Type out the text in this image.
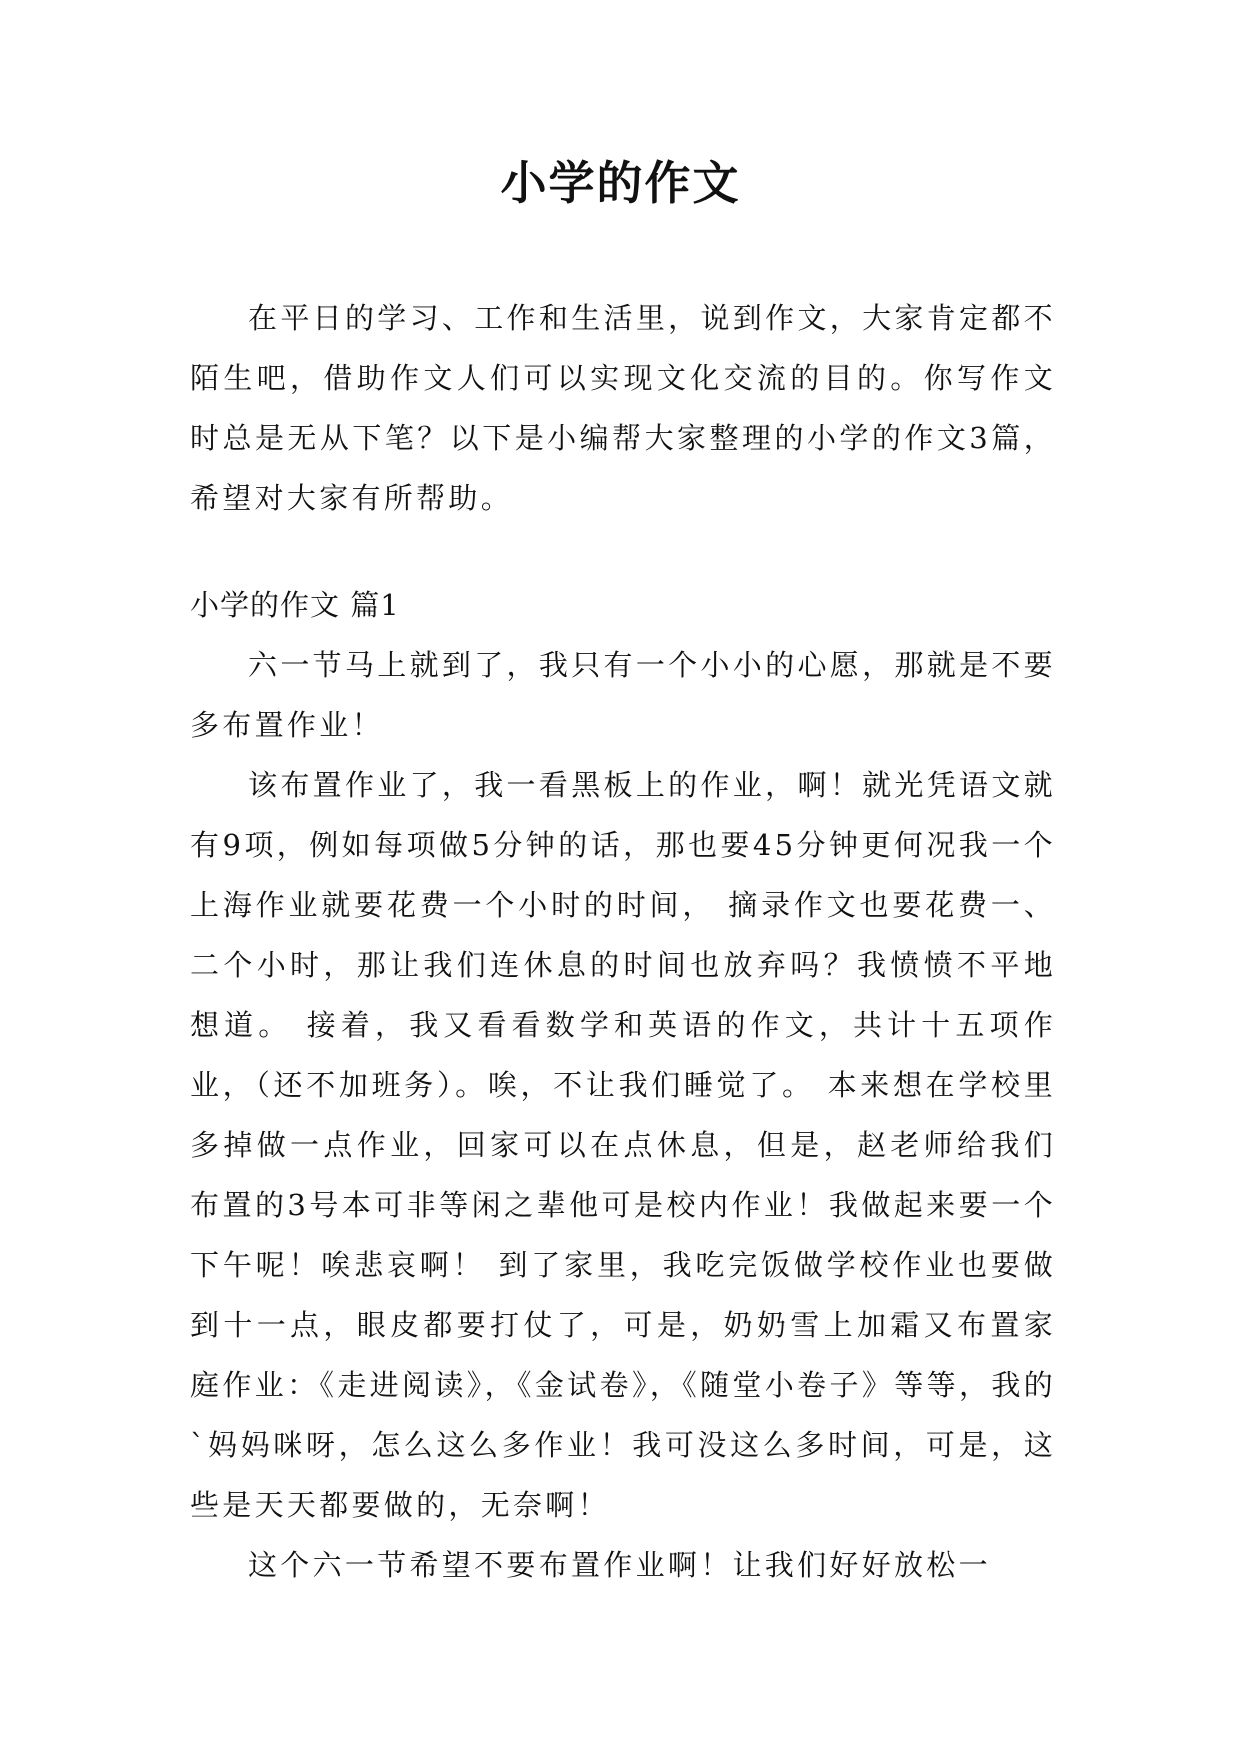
小学的作文

在平日的学习、工作和生活里，说到作文，大家肯定都不陌生吧，借助作文人们可以实现文化交流的目的。你写作文时总是无从下笔？以下是小编帮大家整理的小学的作文3篇，希望对大家有所帮助。

小学的作文 篇1

六一节马上就到了，我只有一个小小的心愿，那就是不要多布置作业！

该布置作业了，我一看黑板上的作业，啊！就光凭语文就有9项，例如每项做5分钟的话，那也要45分钟更何况我一个上海作业就要花费一个小时的时间， 摘录作文也要花费一、二个小时，那让我们连休息的时间也放弃吗？我愤愤不平地想道。 接着，我又看看数学和英语的作文，共计十五项作业，（还不加班务）。唉，不让我们睡觉了。 本来想在学校里多掉做一点作业，回家可以在点休息，但是，赵老师给我们布置的3号本可非等闲之辈他可是校内作业！我做起来要一个下午呢！唉悲哀啊！ 到了家里，我吃完饭做学校作业也要做到十一点，眼皮都要打仗了，可是，奶奶雪上加霜又布置家庭作业：《走进阅读》，《金试卷》，《随堂小卷子》等等，我的`妈妈咪呀，怎么这么多作业！我可没这么多时间，可是，这些是天天都要做的，无奈啊！

这个六一节希望不要布置作业啊！让我们好好放松一
